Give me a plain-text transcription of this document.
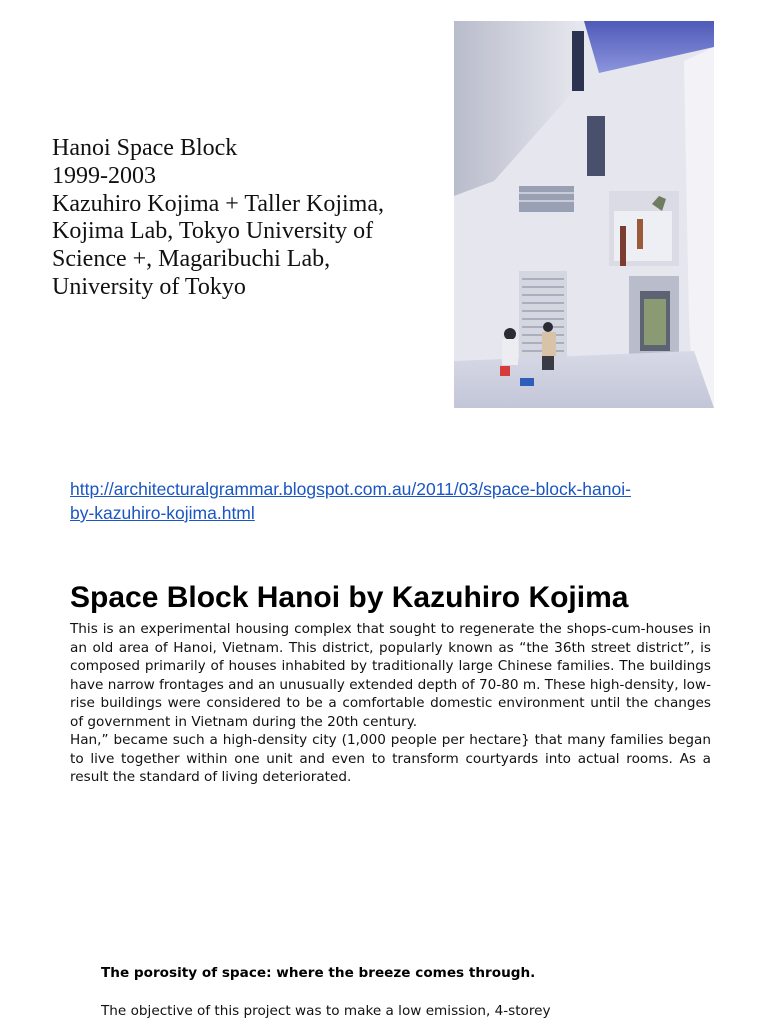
Hanoi Space Block
1999-2003
Kazuhiro Kojima + Taller Kojima,
Kojima Lab, Tokyo University of
Science +, Magaribuchi Lab,
University of Tokyo
http://architecturalgrammar.blogspot.com.au/2011/03/space-block-hanoi-
by-kazuhiro-kojima.html
Space Block Hanoi by Kazuhiro Kojima

This is an experimental housing complex that sought to regenerate the shops-cum-houses in an old area of Hanoi, Vietnam. This district, popularly known as “the 36th street district”, is composed primarily of houses inhabited by traditionally large Chinese families. The buildings have narrow frontages and an unusually extended depth of 70-80 m. These high-density, low-rise buildings were considered to be a comfortable domestic environment until the changes of government in Vietnam during the 20th century.

Han,” became such a high-density city (1,000 people per hectare} that many families began to live together within one unit and even to transform courtyards into actual rooms. As a result the standard of living deteriorated.

The porosity of space: where the breeze comes through.

The objective of this project was to make a low emission, 4-storey
